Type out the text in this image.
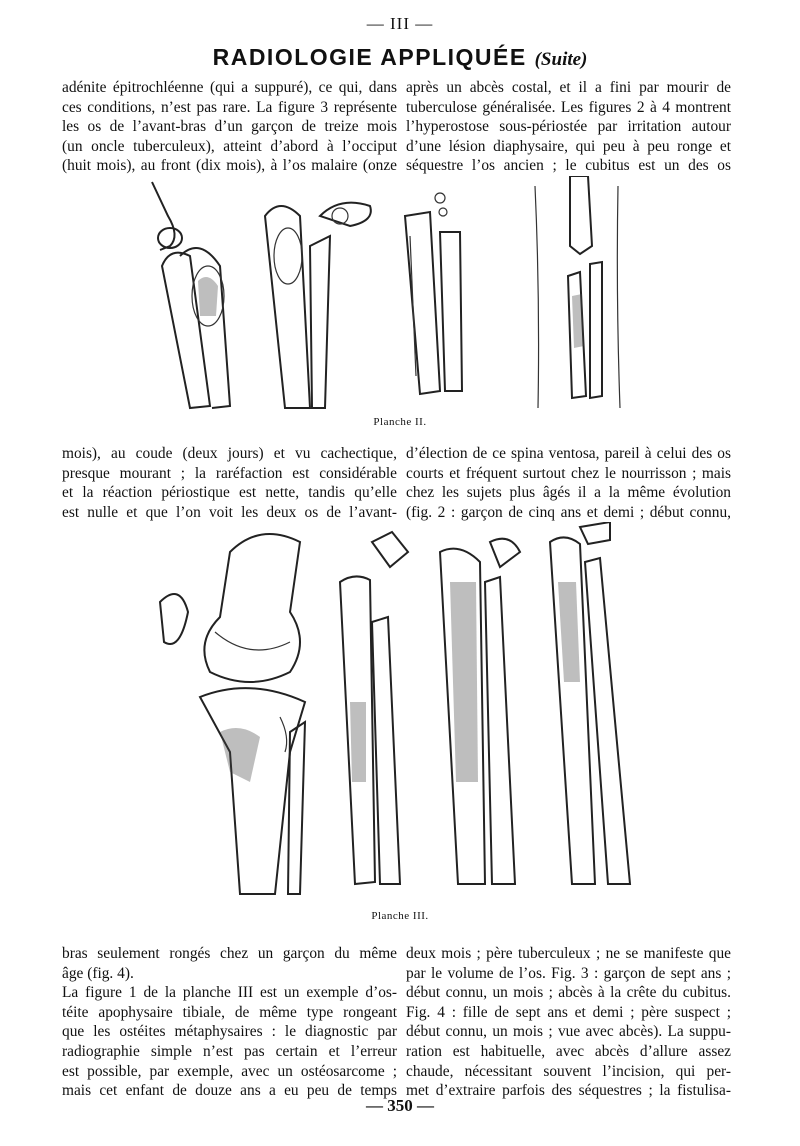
— III —
RADIOLOGIE APPLIQUÉE (Suite)
adénite épitrochléenne (qui a suppuré), ce qui, dans
ces conditions, n’est pas rare. La figure 3 représente
les os de l’avant-bras d’un garçon de treize mois
(un oncle tuberculeux), atteint d’abord à l’occiput
(huit mois), au front (dix mois), à l’os malaire (onze
après un abcès costal, et il a fini par mourir de
tuberculose généralisée. Les figures 2 à 4 montrent
l’hyperostose sous-périostée par irritation autour
d’une lésion diaphysaire, qui peu à peu ronge et
séquestre l’os ancien ; le cubitus est un des os
Planche II.
mois), au coude (deux jours) et vu cachectique,
presque mourant ; la raréfaction est considérable
et la réaction périostique est nette, tandis qu’elle
est nulle et que l’on voit les deux os de l’avant-
d’élection de ce spina ventosa, pareil à celui des os
courts et fréquent surtout chez le nourrisson ; mais
chez les sujets plus âgés il a la même évolution
(fig. 2 : garçon de cinq ans et demi ; début connu,
Planche III.
bras seulement rongés chez un garçon du même
âge (fig. 4).
La figure 1 de la planche III est un exemple d’os-
téite apophysaire tibiale, de même type rongeant
que les ostéites métaphysaires : le diagnostic par
radiographie simple n’est pas certain et l’erreur
est possible, par exemple, avec un ostéosarcome ;
mais cet enfant de douze ans a eu peu de temps
deux mois ; père tuberculeux ; ne se manifeste que
par le volume de l’os. Fig. 3 : garçon de sept ans ;
début connu, un mois ; abcès à la crête du cubitus.
Fig. 4 : fille de sept ans et demi ; père suspect ;
début connu, un mois ; vue avec abcès). La suppu-
ration est habituelle, avec abcès d’allure assez
chaude, nécessitant souvent l’incision, qui per-
met d’extraire parfois des séquestres ; la fistulisa-
— 350 —
